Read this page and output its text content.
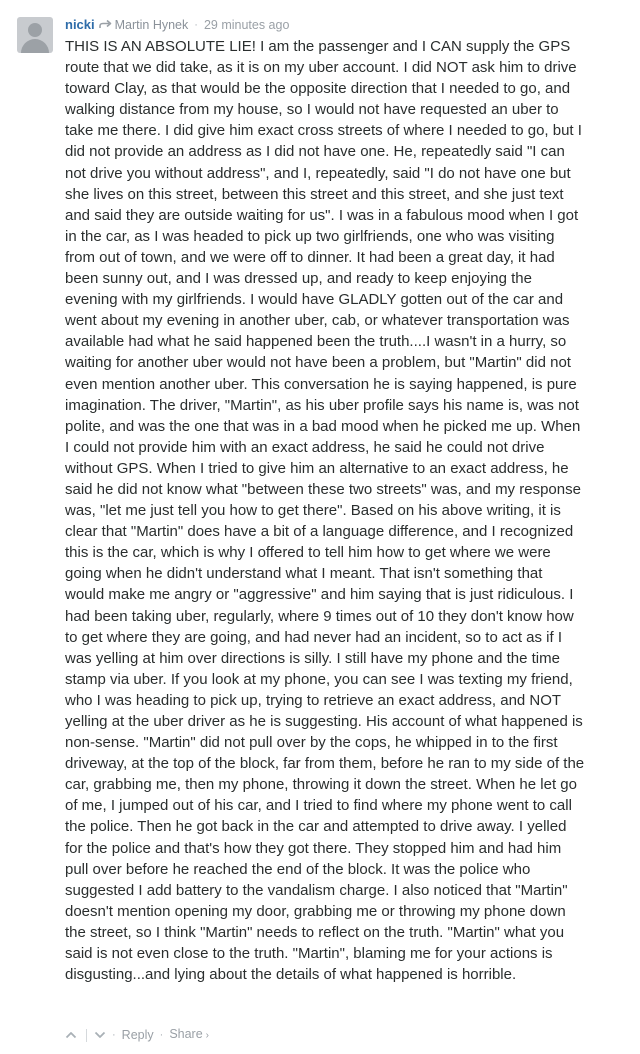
nicki Martin Hynek · 29 minutes ago

THIS IS AN ABSOLUTE LIE! I am the passenger and I CAN supply the GPS route that we did take, as it is on my uber account. I did NOT ask him to drive toward Clay, as that would be the opposite direction that I needed to go, and walking distance from my house, so I would not have requested an uber to take me there. I did give him exact cross streets of where I needed to go, but I did not provide an address as I did not have one. He, repeatedly said "I can not drive you without address", and I, repeatedly, said "I do not have one but she lives on this street, between this street and this street, and she just text and said they are outside waiting for us". I was in a fabulous mood when I got in the car, as I was headed to pick up two girlfriends, one who was visiting from out of town, and we were off to dinner. It had been a great day, it had been sunny out, and I was dressed up, and ready to keep enjoying the evening with my girlfriends. I would have GLADLY gotten out of the car and went about my evening in another uber, cab, or whatever transportation was available had what he said happened been the truth....I wasn't in a hurry, so waiting for another uber would not have been a problem, but "Martin" did not even mention another uber. This conversation he is saying happened, is pure imagination. The driver, "Martin", as his uber profile says his name is, was not polite, and was the one that was in a bad mood when he picked me up. When I could not provide him with an exact address, he said he could not drive without GPS. When I tried to give him an alternative to an exact address, he said he did not know what "between these two streets" was, and my response was, "let me just tell you how to get there". Based on his above writing, it is clear that "Martin" does have a bit of a language difference, and I recognized this is the car, which is why I offered to tell him how to get where we were going when he didn't understand what I meant. That isn't something that would make me angry or "aggressive" and him saying that is just ridiculous. I had been taking uber, regularly, where 9 times out of 10 they don't know how to get where they are going, and had never had an incident, so to act as if I was yelling at him over directions is silly. I still have my phone and the time stamp via uber. If you look at my phone, you can see I was texting my friend, who I was heading to pick up, trying to retrieve an exact address, and NOT yelling at the uber driver as he is suggesting. His account of what happened is non-sense. "Martin" did not pull over by the cops, he whipped in to the first driveway, at the top of the block, far from them, before he ran to my side of the car, grabbing me, then my phone, throwing it down the street. When he let go of me, I jumped out of his car, and I tried to find where my phone went to call the police. Then he got back in the car and attempted to drive away. I yelled for the police and that's how they got there. They stopped him and had him pull over before he reached the end of the block. It was the police who suggested I add battery to the vandalism charge. I also noticed that "Martin" doesn't mention opening my door, grabbing me or throwing my phone down the street, so I think "Martin" needs to reflect on the truth. "Martin" what you said is not even close to the truth. "Martin", blaming me for your actions is disgusting...and lying about the details of what happened is horrible.

· Reply · Share ›
